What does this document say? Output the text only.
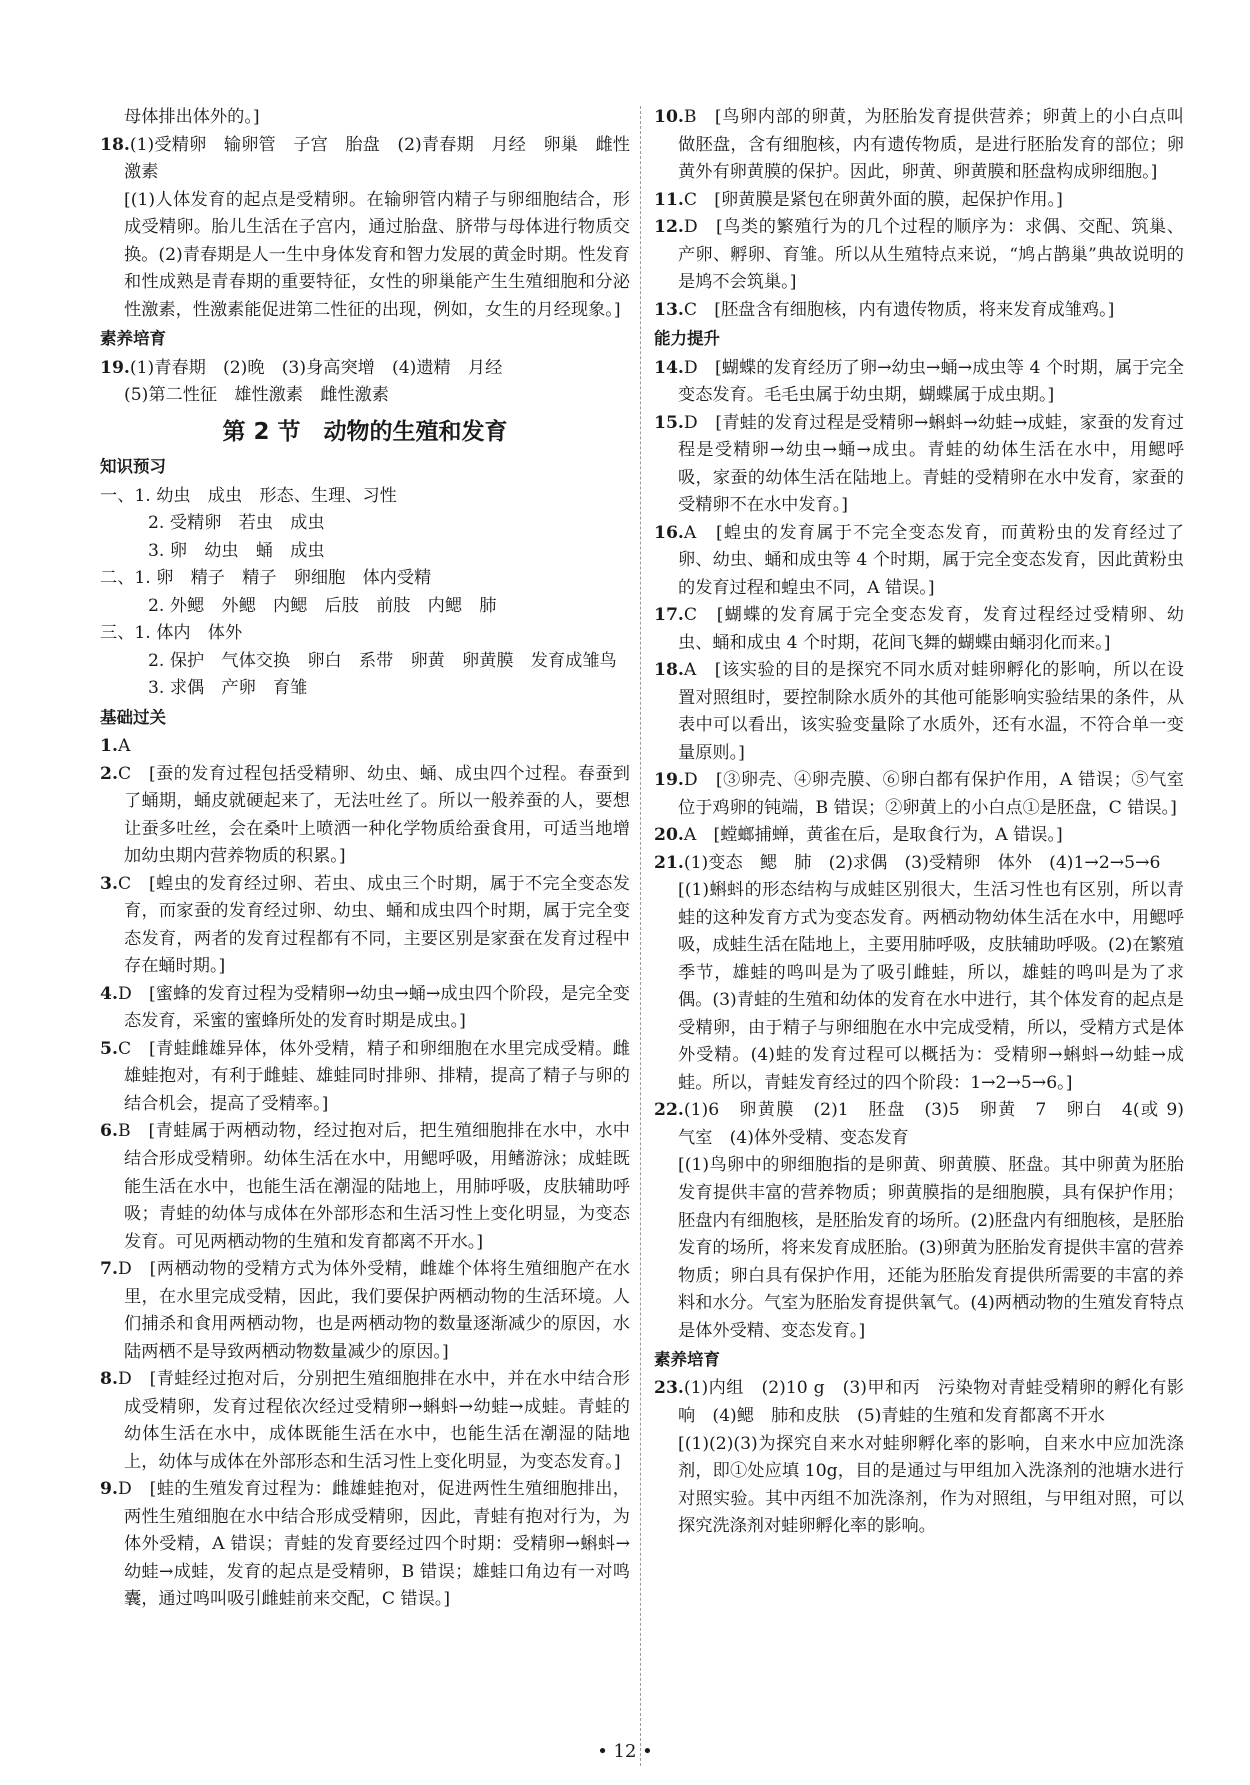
母体排出体外的。]
18.(1)受精卵　输卵管　子宫　胎盘　(2)青春期　月经　卵巢　雌性激素
[(1)人体发育的起点是受精卵。在输卵管内精子与卵细胞结合，形成受精卵。胎儿生活在子宫内，通过胎盘、脐带与母体进行物质交换。(2)青春期是人一生中身体发育和智力发展的黄金时期。性发育和性成熟是青春期的重要特征，女性的卵巢能产生生殖细胞和分泌性激素，性激素能促进第二性征的出现，例如，女生的月经现象。]
素养培育
19.(1)青春期　(2)晚　(3)身高突增　(4)遗精　月经
(5)第二性征　雄性激素　雌性激素
第 2 节　动物的生殖和发育
知识预习
一、1. 幼虫　成虫　形态、生理、习性
2. 受精卵　若虫　成虫
3. 卵　幼虫　蛹　成虫
二、1. 卵　精子　精子　卵细胞　体内受精
2. 外鳃　外鳃　内鳃　后肢　前肢　内鳃　肺
三、1. 体内　体外
2. 保护　气体交换　卵白　系带　卵黄　卵黄膜　发育成雏鸟
3. 求偶　产卵　育雏
基础过关
1.A
2.C　[蚕的发育过程包括受精卵、幼虫、蛹、成虫四个过程。春蚕到了蛹期，蛹皮就硬起来了，无法吐丝了。所以一般养蚕的人，要想让蚕多吐丝，会在桑叶上喷洒一种化学物质给蚕食用，可适当地增加幼虫期内营养物质的积累。]
3.C　[蝗虫的发育经过卵、若虫、成虫三个时期，属于不完全变态发育，而家蚕的发育经过卵、幼虫、蛹和成虫四个时期，属于完全变态发育，两者的发育过程都有不同，主要区别是家蚕在发育过程中存在蛹时期。]
4.D　[蜜蜂的发育过程为受精卵→幼虫→蛹→成虫四个阶段，是完全变态发育，采蜜的蜜蜂所处的发育时期是成虫。]
5.C　[青蛙雌雄异体，体外受精，精子和卵细胞在水里完成受精。雌雄蛙抱对，有利于雌蛙、雄蛙同时排卵、排精，提高了精子与卵的结合机会，提高了受精率。]
6.B　[青蛙属于两栖动物，经过抱对后，把生殖细胞排在水中，水中结合形成受精卵。幼体生活在水中，用鳃呼吸，用鳍游泳；成蛙既能生活在水中，也能生活在潮湿的陆地上，用肺呼吸，皮肤辅助呼吸；青蛙的幼体与成体在外部形态和生活习性上变化明显，为变态发育。可见两栖动物的生殖和发育都离不开水。]
7.D　[两栖动物的受精方式为体外受精，雌雄个体将生殖细胞产在水里，在水里完成受精，因此，我们要保护两栖动物的生活环境。人们捕杀和食用两栖动物，也是两栖动物的数量逐渐减少的原因，水陆两栖不是导致两栖动物数量减少的原因。]
8.D　[青蛙经过抱对后，分别把生殖细胞排在水中，并在水中结合形成受精卵，发育过程依次经过受精卵→蝌蚪→幼蛙→成蛙。青蛙的幼体生活在水中，成体既能生活在水中，也能生活在潮湿的陆地上，幼体与成体在外部形态和生活习性上变化明显，为变态发育。]
9.D　[蛙的生殖发育过程为：雌雄蛙抱对，促进两性生殖细胞排出，两性生殖细胞在水中结合形成受精卵，因此，青蛙有抱对行为，为体外受精，A 错误；青蛙的发育要经过四个时期：受精卵→蝌蚪→幼蛙→成蛙，发育的起点是受精卵，B 错误；雄蛙口角边有一对鸣囊，通过鸣叫吸引雌蛙前来交配，C 错误。]
10.B　[鸟卵内部的卵黄，为胚胎发育提供营养；卵黄上的小白点叫做胚盘，含有细胞核，内有遗传物质，是进行胚胎发育的部位；卵黄外有卵黄膜的保护。因此，卵黄、卵黄膜和胚盘构成卵细胞。]
11.C　[卵黄膜是紧包在卵黄外面的膜，起保护作用。]
12.D　[鸟类的繁殖行为的几个过程的顺序为：求偶、交配、筑巢、产卵、孵卵、育雏。所以从生殖特点来说，“鸠占鹊巢”典故说明的是鸠不会筑巢。]
13.C　[胚盘含有细胞核，内有遗传物质，将来发育成雏鸡。]
能力提升
14.D　[蝴蝶的发育经历了卵→幼虫→蛹→成虫等 4 个时期，属于完全变态发育。毛毛虫属于幼虫期，蝴蝶属于成虫期。]
15.D　[青蛙的发育过程是受精卵→蝌蚪→幼蛙→成蛙，家蚕的发育过程是受精卵→幼虫→蛹→成虫。青蛙的幼体生活在水中，用鳃呼吸，家蚕的幼体生活在陆地上。青蛙的受精卵在水中发育，家蚕的受精卵不在水中发育。]
16.A　[蝗虫的发育属于不完全变态发育，而黄粉虫的发育经过了卵、幼虫、蛹和成虫等 4 个时期，属于完全变态发育，因此黄粉虫的发育过程和蝗虫不同，A 错误。]
17.C　[蝴蝶的发育属于完全变态发育，发育过程经过受精卵、幼虫、蛹和成虫 4 个时期，花间飞舞的蝴蝶由蛹羽化而来。]
18.A　[该实验的目的是探究不同水质对蛙卵孵化的影响，所以在设置对照组时，要控制除水质外的其他可能影响实验结果的条件，从表中可以看出，该实验变量除了水质外，还有水温，不符合单一变量原则。]
19.D　[③卵壳、④卵壳膜、⑥卵白都有保护作用，A 错误；⑤气室位于鸡卵的钝端，B 错误；②卵黄上的小白点①是胚盘，C 错误。]
20.A　[螳螂捕蝉，黄雀在后，是取食行为，A 错误。]
21.(1)变态　鳃　肺　(2)求偶　(3)受精卵　体外　(4)1→2→5→6
[(1)蝌蚪的形态结构与成蛙区别很大，生活习性也有区别，所以青蛙的这种发育方式为变态发育。两栖动物幼体生活在水中，用鳃呼吸，成蛙生活在陆地上，主要用肺呼吸，皮肤辅助呼吸。(2)在繁殖季节，雄蛙的鸣叫是为了吸引雌蛙，所以，雄蛙的鸣叫是为了求偶。(3)青蛙的生殖和幼体的发育在水中进行，其个体发育的起点是受精卵，由于精子与卵细胞在水中完成受精，所以，受精方式是体外受精。(4)蛙的发育过程可以概括为：受精卵→蝌蚪→幼蛙→成蛙。所以，青蛙发育经过的四个阶段：1→2→5→6。]
22.(1)6　卵黄膜　(2)1　胚盘　(3)5　卵黄　7　卵白　4(或 9)　气室　(4)体外受精、变态发育
[(1)鸟卵中的卵细胞指的是卵黄、卵黄膜、胚盘。其中卵黄为胚胎发育提供丰富的营养物质；卵黄膜指的是细胞膜，具有保护作用；胚盘内有细胞核，是胚胎发育的场所。(2)胚盘内有细胞核，是胚胎发育的场所，将来发育成胚胎。(3)卵黄为胚胎发育提供丰富的营养物质；卵白具有保护作用，还能为胚胎发育提供所需要的丰富的养料和水分。气室为胚胎发育提供氧气。(4)两栖动物的生殖发育特点是体外受精、变态发育。]
素养培育
23.(1)内组　(2)10 g　(3)甲和丙　污染物对青蛙受精卵的孵化有影响　(4)鳃　肺和皮肤　(5)青蛙的生殖和发育都离不开水
[(1)(2)(3)为探究自来水对蛙卵孵化率的影响，自来水中应加洗涤剂，即①处应填 10g，目的是通过与甲组加入洗涤剂的池塘水进行对照实验。其中丙组不加洗涤剂，作为对照组，与甲组对照，可以探究洗涤剂对蛙卵孵化率的影响。
• 12 •
